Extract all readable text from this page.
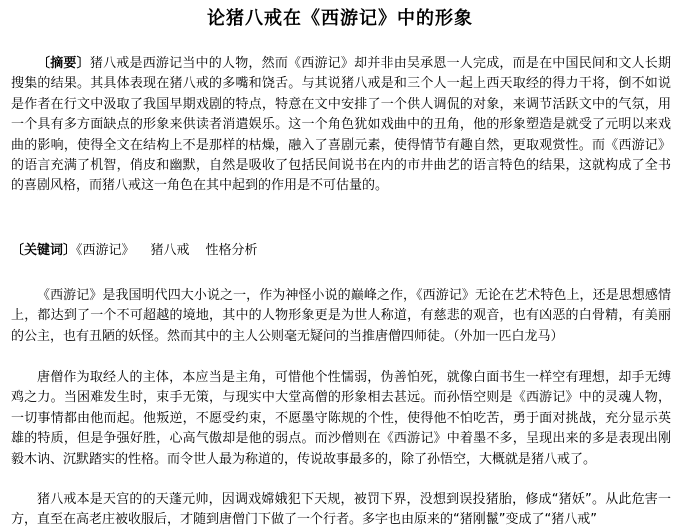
论猪八戒在《西游记》中的形象

〔摘要〕猪八戒是西游记当中的人物，然而《西游记》却并非由吴承恩一人完成，而是在中国民间和文人长期搜集的结果。其具体表现在猪八戒的多嘴和饶舌。与其说猪八戒是和三个人一起上西天取经的得力干将，倒不如说是作者在行文中汲取了我国早期戏剧的特点，特意在文中安排了一个供人调侃的对象，来调节活跃文中的气氛，用一个具有多方面缺点的形象来供读者消遣娱乐。这一个角色犹如戏曲中的丑角，他的形象塑造是就受了元明以来戏曲的影响，使得全文在结构上不是那样的枯燥，融入了喜剧元素，使得情节有趣自然，更取观赏性。而《西游记》的语言充满了机智，俏皮和幽默，自然是吸收了包括民间说书在内的市井曲艺的语言特色的结果，这就构成了全书的喜剧风格，而猪八戒这一角色在其中起到的作用是不可估量的。

〔关键词〕《西游记》 猪八戒 性格分析

《西游记》是我国明代四大小说之一，作为神怪小说的巅峰之作，《西游记》无论在艺术特色上，还是思想感情上，都达到了一个不可超越的境地，其中的人物形象更是为世人称道，有慈悲的观音，也有凶恶的白骨精，有美丽的公主，也有丑陋的妖怪。然而其中的主人公则毫无疑问的当推唐僧四师徒。（外加一匹白龙马）

唐僧作为取经人的主体，本应当是主角，可惜他个性懦弱，伪善怕死，就像白面书生一样空有理想，却手无缚鸡之力。当困难发生时，束手无策，与现实中大堂高僧的形象相去甚远。而孙悟空则是《西游记》中的灵魂人物，一切事情都由他而起。他叛逆，不愿受约束，不愿墨守陈规的个性，使得他不怕吃苦，勇于面对挑战，充分显示英雄的特质，但是争强好胜，心高气傲却是他的弱点。而沙僧则在《西游记》中着墨不多，呈现出来的多是表现出刚毅木讷、沉默踏实的性格。而令世人最为称道的，传说故事最多的，除了孙悟空，大概就是猪八戒了。

猪八戒本是天宫的的天蓬元帅，因调戏嫦娥犯下天规，被罚下界，没想到误投猪胎，修成“猪妖”。从此危害一方，直至在高老庄被收服后，才随到唐僧门下做了一个行者。多字也由原来的“猪刚鬣”变成了“猪八戒”
